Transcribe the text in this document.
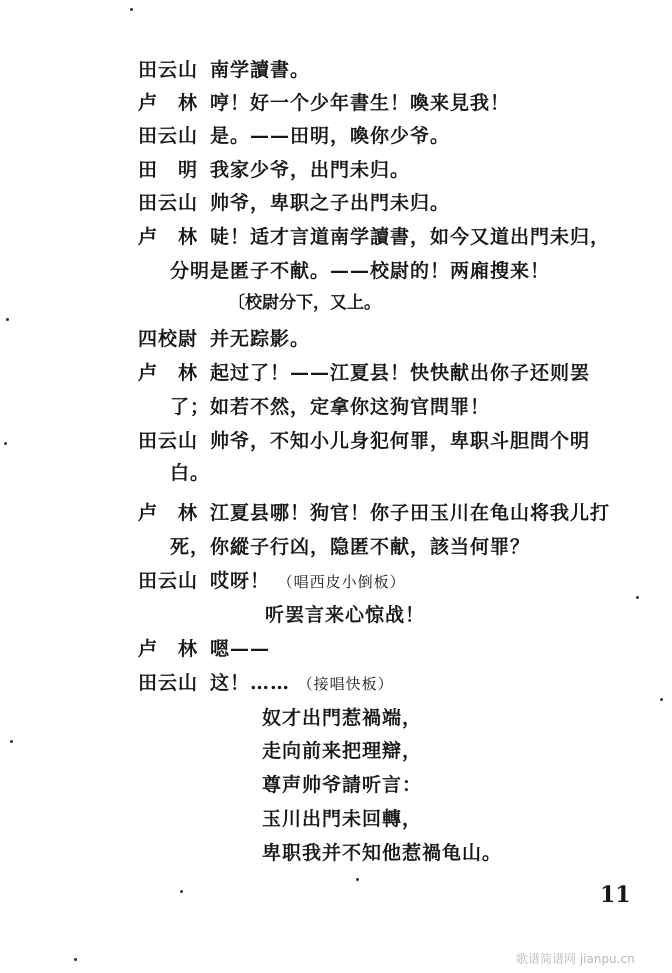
田云山 南学讀書。
卢　林 哼！好一个少年書生！喚来見我！
田云山 是。——田明，喚你少爷。
田　明 我家少爷，出門未归。
田云山 帅爷，卑职之子出門未归。
卢　林 唗！适才言道南学讀書，如今又道出門未归，
分明是匿子不献。——校尉的！两廂搜来！
〔校尉分下，又上。
四校尉 并无踪影。
卢　林 起过了！——江夏县！快快献出你子还则罢
了；如若不然，定拿你这狗官問罪！
田云山 帅爷，不知小儿身犯何罪，卑职斗胆問个明
白。
卢　林 江夏县哪！狗官！你子田玉川在龟山将我儿打
死，你縱子行凶，隐匿不献，該当何罪？
田云山 哎呀！ （唱西皮小倒板）
听罢言来心惊战！
卢　林 嗯——
田云山 这！…… （接唱快板）
奴才出門惹禍端，
走向前来把理辯，
尊声帅爷請听言：
玉川出門未回轉，
卑职我并不知他惹禍龟山。
11
歌谱简谱网 jianpu.cn
